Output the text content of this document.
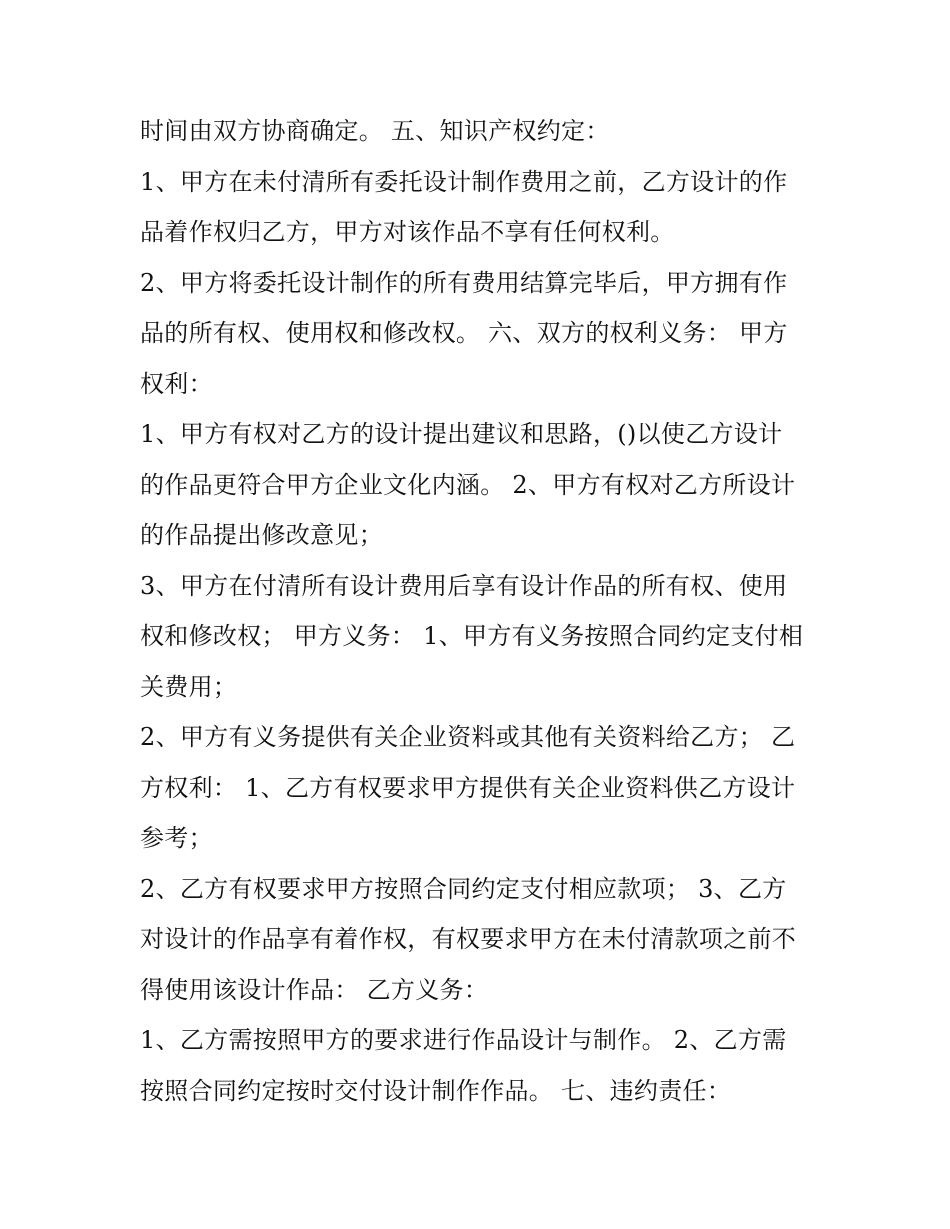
时间由双方协商确定。 五、知识产权约定：
1、甲方在未付清所有委托设计制作费用之前，乙方设计的作
品着作权归乙方，甲方对该作品不享有任何权利。
2、甲方将委托设计制作的所有费用结算完毕后，甲方拥有作
品的所有权、使用权和修改权。 六、双方的权利义务： 甲方
权利：
1、甲方有权对乙方的设计提出建议和思路，()以使乙方设计
的作品更符合甲方企业文化内涵。 2、甲方有权对乙方所设计
的作品提出修改意见；
3、甲方在付清所有设计费用后享有设计作品的所有权、使用
权和修改权； 甲方义务： 1、甲方有义务按照合同约定支付相
关费用；
2、甲方有义务提供有关企业资料或其他有关资料给乙方； 乙
方权利： 1、乙方有权要求甲方提供有关企业资料供乙方设计
参考；
2、乙方有权要求甲方按照合同约定支付相应款项； 3、乙方
对设计的作品享有着作权，有权要求甲方在未付清款项之前不
得使用该设计作品： 乙方义务：
1、乙方需按照甲方的要求进行作品设计与制作。 2、乙方需
按照合同约定按时交付设计制作作品。 七、违约责任：
